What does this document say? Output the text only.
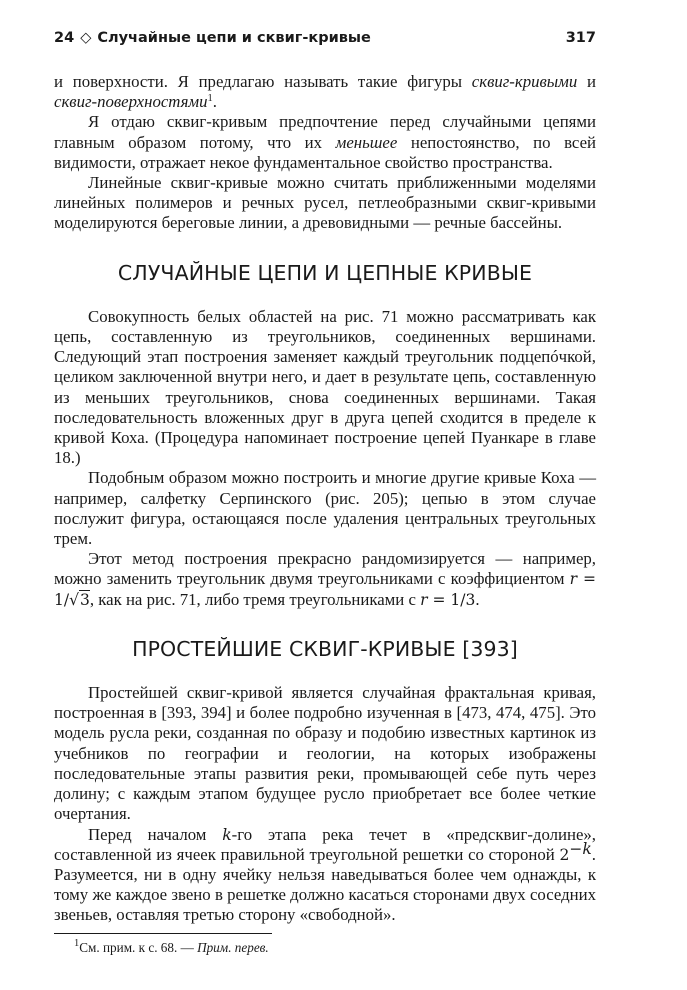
24 ◇ Случайные цепи и сквиг-кривые	317

и поверхности. Я предлагаю называть такие фигуры сквиг-кривыми и сквиг-поверхностями$^1$.

Я отдаю сквиг-кривым предпочтение перед случайными цепями главным образом потому, что их меньшее непостоянство, по всей видимости, отражает некое фундаментальное свойство пространства.

Линейные сквиг-кривые можно считать приближенными моделями линейных полимеров и речных русел, петлеобразными сквиг-кривыми моделируются береговые линии, а древовидными — речные бассейны.

СЛУЧАЙНЫЕ ЦЕПИ И ЦЕПНЫЕ КРИВЫЕ

Совокупность белых областей на рис. 71 можно рассматривать как цепь, составленную из треугольников, соединенных вершинами. Следующий этап построения заменяет каждый треугольник подцепóчкой, целиком заключенной внутри него, и дает в результате цепь, составленную из меньших треугольников, снова соединенных вершинами. Такая последовательность вложенных друг в друга цепей сходится в пределе к кривой Коха. (Процедура напоминает построение цепей Пуанкаре в главе 18.)

Подобным образом можно построить и многие другие кривые Коха — например, салфетку Серпинского (рис. 205); цепью в этом случае послужит фигура, остающаяся после удаления центральных треугольных трем.

Этот метод построения прекрасно рандомизируется — например, можно заменить треугольник двумя треугольниками с коэффициентом r = 1/√3, как на рис. 71, либо тремя треугольниками с r = 1/3.

ПРОСТЕЙШИЕ СКВИГ-КРИВЫЕ [393]

Простейшей сквиг-кривой является случайная фрактальная кривая, построенная в [393, 394] и более подробно изученная в [473, 474, 475]. Это модель русла реки, созданная по образу и подобию известных картинок из учебников по географии и геологии, на которых изображены последовательные этапы развития реки, промывающей себе путь через долину; с каждым этапом будущее русло приобретает все более четкие очертания.

Перед началом k-го этапа река течет в «предсквиг-долине», составленной из ячеек правильной треугольной решетки со стороной $2^{-k}$. Разумеется, ни в одну ячейку нельзя наведываться более чем однажды, к тому же каждое звено в решетке должно касаться сторонами двух соседних звеньев, оставляя третью сторону «свободной».

$^1$См. прим. к с. 68. — Прим. перев.
